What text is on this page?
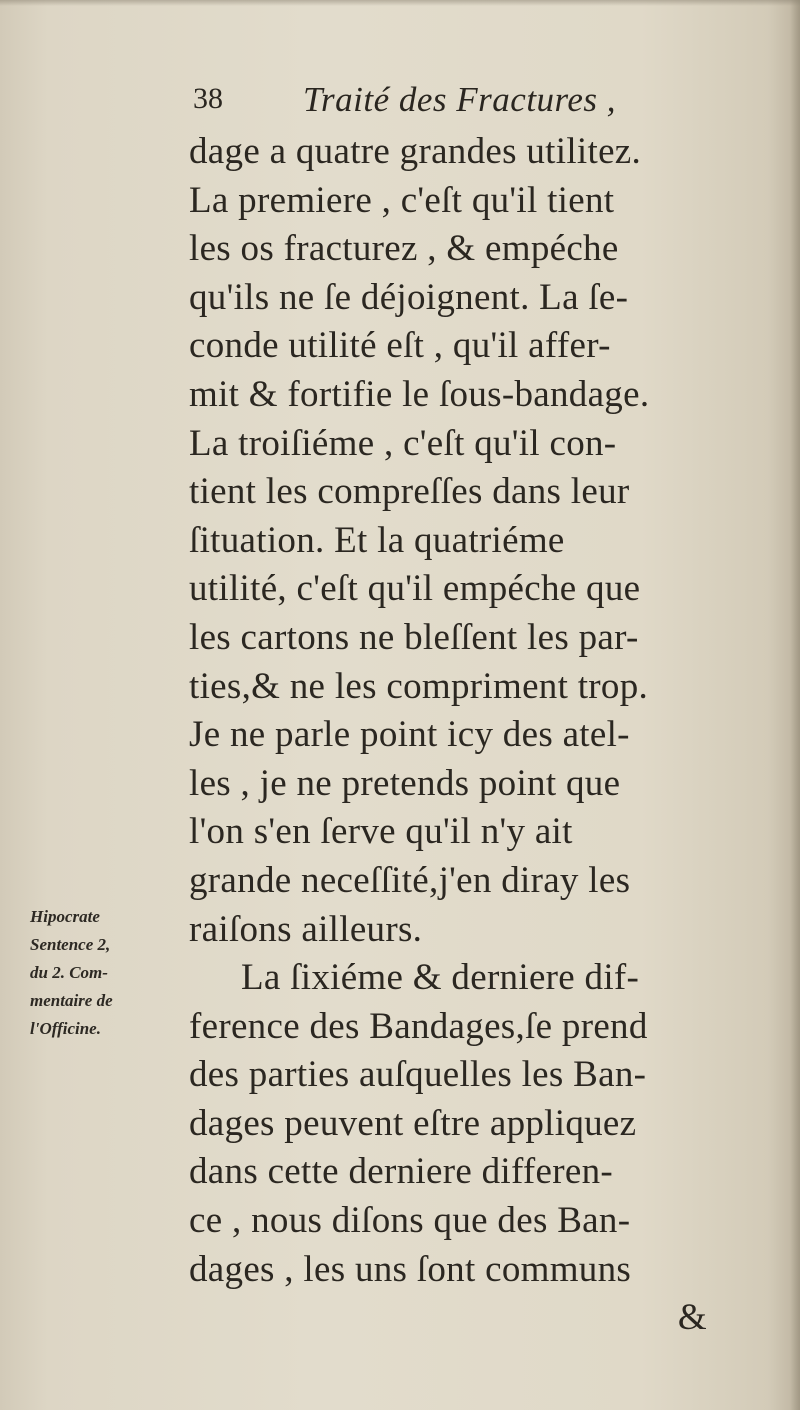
38 Traité des Fractures ,
Hipocrate
Sentence 2,
du 2. Com-
mentaire de
l'Officine.
dage a quatre grandes utilitez.
La premiere , c'eſt qu'il tient
les os fracturez , & empéche
qu'ils ne ſe déjoignent. La ſe-
conde utilité eſt , qu'il affer-
mit & fortifie le ſous-bandage.
La troiſiéme , c'eſt qu'il con-
tient les compreſſes dans leur
ſituation. Et la quatriéme
utilité, c'eſt qu'il empéche que
les cartons ne bleſſent les par-
ties,& ne les compriment trop.
Je ne parle point icy des atel-
les , je ne pretends point que
l'on s'en ſerve qu'il n'y ait
grande neceſſité,j'en diray les
raiſons ailleurs.
La ſixiéme & derniere dif-
ference des Bandages,ſe prend
des parties auſquelles les Ban-
dages peuvent eſtre appliquez
dans cette derniere differen-
ce , nous diſons que des Ban-
dages , les uns ſont communs
&
